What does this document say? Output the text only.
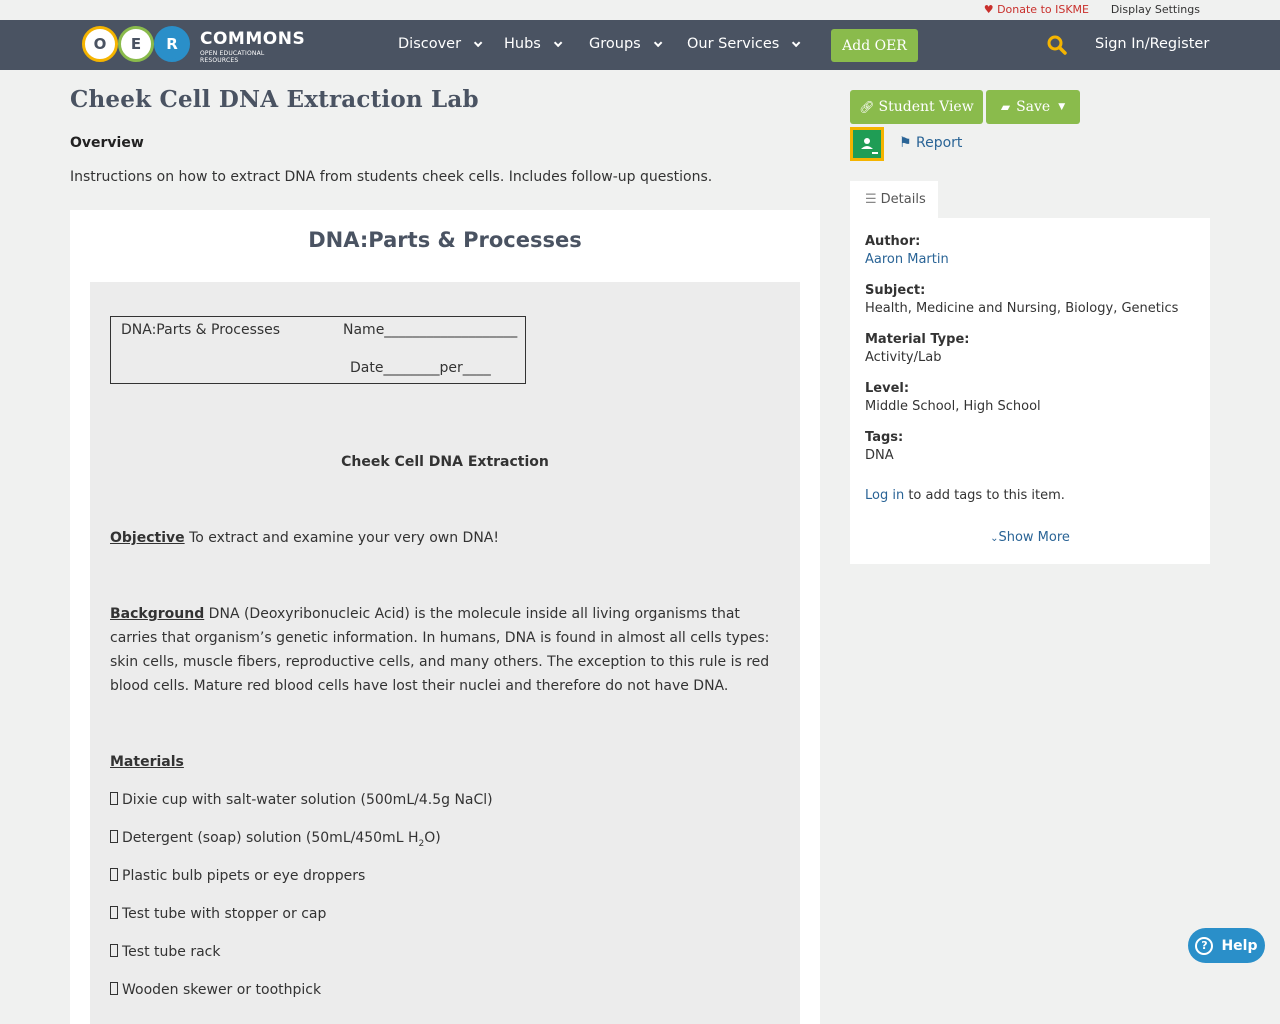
♥ Donate to ISKME Display Settings
O	E	R	COMMONS
OPEN EDUCATIONAL RESOURCES
Discover	Hubs	Groups	Our Services	Add OER	Sign In/Register
Cheek Cell DNA Extraction Lab
Overview
Instructions on how to extract DNA from students cheek cells. Includes follow-up questions.
DNA:Parts & Processes
DNA:Parts & Processes	Name___________________
Date________per____
Cheek Cell DNA Extraction
Objective To extract and examine your very own DNA!
Background DNA (Deoxyribonucleic Acid) is the molecule inside all living organisms that carries that organism’s genetic information. In humans, DNA is found in almost all cells types: skin cells, muscle fibers, reproductive cells, and many others. The exception to this rule is red blood cells. Mature red blood cells have lost their nuclei and therefore do not have DNA.
Materials
Dixie cup with salt-water solution (500mL/4.5g NaCl)
Detergent (soap) solution (50mL/450mL $H_2O$)
Plastic bulb pipets or eye droppers
Test tube with stopper or cap
Test tube rack
Wooden skewer or toothpick
🔗︎ Student View ▰ Save ▼
⚑ Report
☰ Details
Author:
Aaron Martin
Subject:
Health, Medicine and Nursing, Biology, Genetics
Material Type:
Activity/Lab
Level:
Middle School, High School
Tags:
DNA
Log in to add tags to this item.
⌄Show More
? Help
